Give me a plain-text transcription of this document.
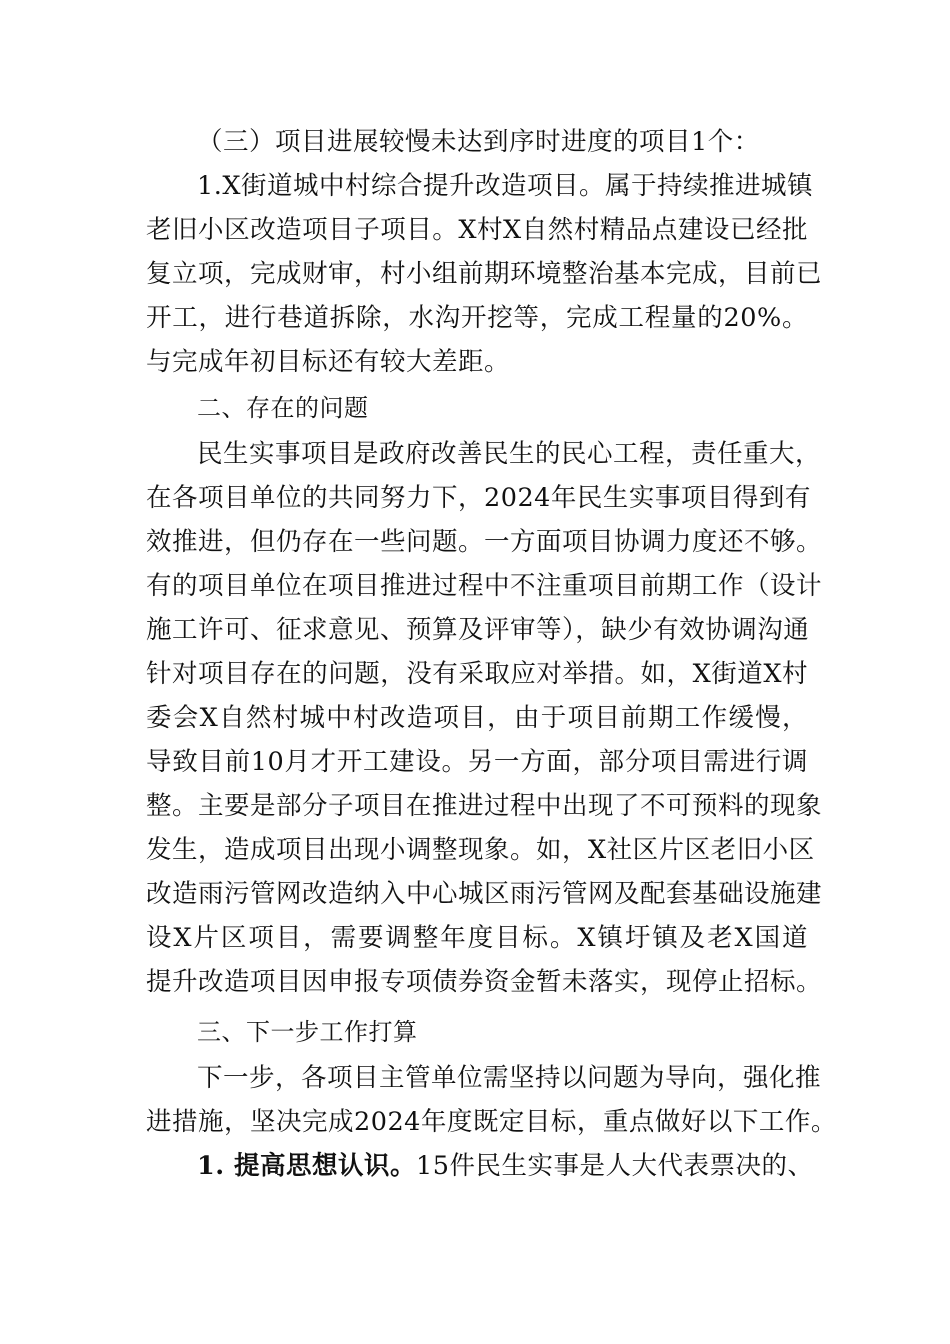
（三）项目进展较慢未达到序时进度的项目1个：
1.X街道城中村综合提升改造项目。属于持续推进城镇
老旧小区改造项目子项目。X村X自然村精品点建设已经批
复立项，完成财审，村小组前期环境整治基本完成，目前已
开工，进行巷道拆除，水沟开挖等，完成工程量的20%。
与完成年初目标还有较大差距。
二、存在的问题
民生实事项目是政府改善民生的民心工程，责任重大，
在各项目单位的共同努力下，2024年民生实事项目得到有
效推进，但仍存在一些问题。一方面项目协调力度还不够。
有的项目单位在项目推进过程中不注重项目前期工作（设计
施工许可、征求意见、预算及评审等），缺少有效协调沟通
针对项目存在的问题，没有采取应对举措。如，X街道X村
委会X自然村城中村改造项目，由于项目前期工作缓慢，
导致目前10月才开工建设。另一方面，部分项目需进行调
整。主要是部分子项目在推进过程中出现了不可预料的现象
发生，造成项目出现小调整现象。如，X社区片区老旧小区
改造雨污管网改造纳入中心城区雨污管网及配套基础设施建
设X片区项目，需要调整年度目标。X镇圩镇及老X国道
提升改造项目因申报专项债券资金暂未落实，现停止招标。
三、下一步工作打算
下一步，各项目主管单位需坚持以问题为导向，强化推
进措施，坚决完成2024年度既定目标，重点做好以下工作。
1. 提高思想认识。15件民生实事是人大代表票决的、
